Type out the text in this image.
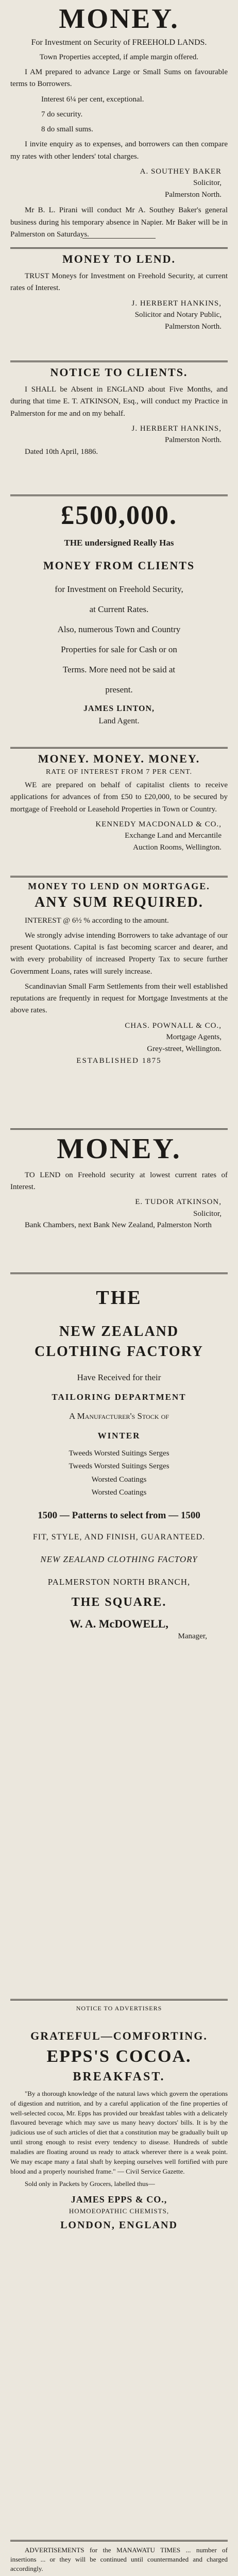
MONEY.
For Investment on Security of FREEHOLD LANDS.

Town Properties accepted, if ample margin offered.

I AM prepared to advance Large or Small Sums on favourable terms to Borrowers.

Interest 6¼ per cent, exceptional.

7 do security.

8 do small sums.

I invite enquiry as to expenses, and borrowers can then compare my rates with other lenders' total charges.

A. SOUTHEY BAKER
Solicitor,
Palmerston North.

Mr B. L. Pirani will conduct Mr A. Southey Baker's general business during his temporary absence in Napier. Mr Baker will be in Palmerston on Saturdays.

MONEY TO LEND.

TRUST Moneys for Investment on Freehold Security, at current rates of Interest.

J. HERBERT HANKINS,
Solicitor and Notary Public,
Palmerston North.
NOTICE TO CLIENTS.

I SHALL be Absent in ENGLAND about Five Months, and during that time E. T. ATKINSON, Esq., will conduct my Practice in Palmerston for me and on my behalf.

J. HERBERT HANKINS,
Palmerston North.

Dated 10th April, 1886.

£500,000.
THE undersigned Really Has
MONEY FROM CLIENTS
for Investment on Freehold Security,
at Current Rates.
Also, numerous Town and Country
Properties for sale for Cash or on
Terms. More need not be said at
present.
JAMES LINTON,
Land Agent.
MONEY. MONEY. MONEY.
RATE OF INTEREST FROM 7 PER CENT.

WE are prepared on behalf of capitalist clients to receive applications for advances of from £50 to £20,000, to be secured by mortgage of Freehold or Leasehold Properties in Town or Country.

KENNEDY MACDONALD & CO.,
Exchange Land and Mercantile
Auction Rooms, Wellington.
MONEY TO LEND ON MORTGAGE.
ANY SUM REQUIRED.

INTEREST @ 6½ % according to the amount.

We strongly advise intending Borrowers to take advantage of our present Quotations. Capital is fast becoming scarcer and dearer, and with every probability of increased Property Tax to secure further Government Loans, rates will surely increase.

Scandinavian Small Farm Settlements from their well established reputations are frequently in request for Mortgage Investments at the above rates.

CHAS. POWNALL & CO.,
Mortgage Agents,
Grey-street, Wellington.
ESTABLISHED 1875
MONEY.

TO LEND on Freehold security at lowest current rates of Interest.

E. TUDOR ATKINSON,
Solicitor,

Bank Chambers, next Bank New Zealand, Palmerston North

THE
NEW ZEALAND CLOTHING FACTORY
Have Received for their
TAILORING DEPARTMENT
A Manufacturer's Stock of
WINTER
Tweeds Worsted Suitings Serges
Tweeds Worsted Suitings Serges
Worsted Coatings
Worsted Coatings
1500 — Patterns to select from — 1500
FIT, STYLE, AND FINISH, GUARANTEED.
NEW ZEALAND CLOTHING FACTORY
PALMERSTON NORTH BRANCH,
THE SQUARE.
W. A. McDOWELL,
Manager,
NOTICE TO ADVERTISERS
GRATEFUL—COMFORTING.
EPPS'S COCOA.
BREAKFAST.

"By a thorough knowledge of the natural laws which govern the operations of digestion and nutrition, and by a careful application of the fine properties of well-selected cocoa, Mr. Epps has provided our breakfast tables with a delicately flavoured beverage which may save us many heavy doctors' bills. It is by the judicious use of such articles of diet that a constitution may be gradually built up until strong enough to resist every tendency to disease. Hundreds of subtle maladies are floating around us ready to attack wherever there is a weak point. We may escape many a fatal shaft by keeping ourselves well fortified with pure blood and a properly nourished frame." — Civil Service Gazette.

Sold only in Packets by Grocers, labelled thus—

JAMES EPPS & CO.,
HOMOEOPATHIC CHEMISTS,
LONDON, ENGLAND

ADVERTISEMENTS for the MANAWATU TIMES ... number of insertions ... or they will be continued until countermanded and charged accordingly.
